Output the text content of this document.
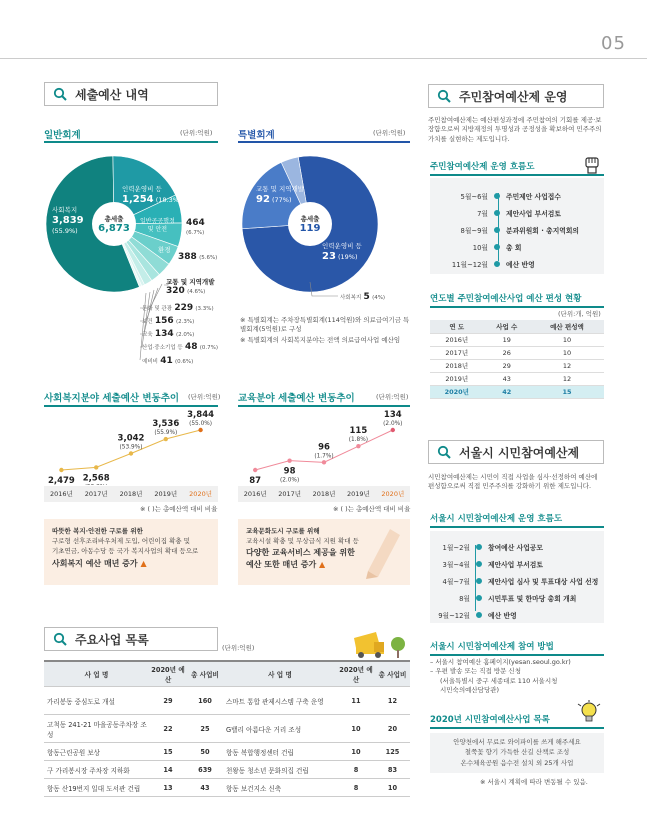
05
세출예산 내역
일반회계	(단위:억원)
총세출
6,873
사회복지
3,839
(55.9%)
인력운영비 등
1,254 (18.3%)
일반공공행정
및 안전
환경
464
(6.7%)
388 (5.6%)
교통 및 지역개발
320 (4.6%)
문화 및 관광 229 (3.3%)
보건 156 (2.3%)
교육 134 (2.0%)
산업·중소기업 등 48 (0.7%)
예비비 41 (0.6%)
특별회계	(단위:억원)
총세출
119
교통 및 지역개발
92 (77%)
인력운영비 등
23 (19%)
사회복지 5 (4%)
※ 특별회계는 주차장특별회계(114억원)와 의료급여기금 특별회계(5억원)로 구성
※ 특별회계의 사회복지분야는 전액 의료급여사업 예산임
사회복지분야 세출예산 변동추이 (단위:억원)
2,479 2,568
3,042
(53.9%)
3,536
(55.9%)
3,844
(55.0%)
2016년	2017년	2018년	2019년	2020년
※ ( )는 총예산액 대비 비율
따뜻한 복지·안전한 구로를 위한
구로형 선후조리바우처제 도입, 어린이집 확충 및
기초연금, 아동수당 등 국가 복지사업의 확대 등으로
사회복지 예산 매년 증가 ▲
교육분야 세출예산 변동추이	(단위:억원)
87
98
(2.0%)
96
(1.7%)
115
(1.8%)
134
(2.0%)
2016년	2017년	2018년	2019년	2020년
※ ( )는 총예산액 대비 비율
교육문화도시 구로를 위해
교육시설 확충 및 무상급식 지원 확대 등
다양한 교육서비스 제공을 위한
예산 또한 매년 증가 ▲
주요사업 목록
(단위:억원)
사 업 명	2020년 예산	총 사업비	사 업 명	2020년 예산	총 사업비
가리봉동 중심도로 개설	29	160	스마트 통합 관제시스템 구축 운영	11	12
고척동 241-21 마을공동주차장 조성	22	25	G밸리 아름다운 거리 조성	10	20
항동근린공원 보상	15	50	항동 복합행정센터 건립	10	125
구 가리봉시장 주차장 지하화	14	639	천왕동 청소년 문화의집 건립	8	83
항동 산19번지 일대 도서관 건립	13	43	항동 보건지소 신축	8	10
주민참여예산제 운영
주민참여예산제는 예산편성과정에 주민참여의 기회를 제공·보장함으로써 지방재정의 투명성과 공정성을 확보하여 민주주의 가치를 실현하는 제도입니다.
주민참여예산제 운영 흐름도
5월~6월	주민제안 사업접수
7월	제안사업 부서검토
8월~9월	분과위원회 · 총지역회의
10월	총 회
11월~12월	예산 반영
연도별 주민참여예산사업 예산 편성 현황
(단위:개, 억원)
연 도	사업 수	예산 편성액
2016년	19	10
2017년	26	10
2018년	29	12
2019년	43	12
2020년	42	15
서울시 시민참여예산제
시민참여예산제는 시민이 직접 사업을 심사·선정하여 예산에 편성함으로써 직접 민주주의를 강화하기 위한 제도입니다.
서울시 시민참여예산제 운영 흐름도
1월~2월	참여예산 사업공모
3월~4월	제안사업 부서검토
4월~7월	제안사업 심사 및 투표대상 사업 선정
8월	시민투표 및 한마당 총회 개최
9월~12월	예산 반영
서울시 시민참여예산제 참여 방법
– 서울시 참여예산 홈페이지(yesan.seoul.go.kr)
– 우편 발송 또는 직접 방문 신청
(서울특별시 중구 세종대로 110 서울시청
시민숙의예산담당관)
2020년 시민참여예산사업 목록
안양천에서 무료로 와이파이를 쓰게 해주세요
철쭉꽃 향기 가득한 산길 산책로 조성
온수체육공원 음수전 설치 외 25개 사업
※ 서울시 계획에 따라 변동될 수 있음.
